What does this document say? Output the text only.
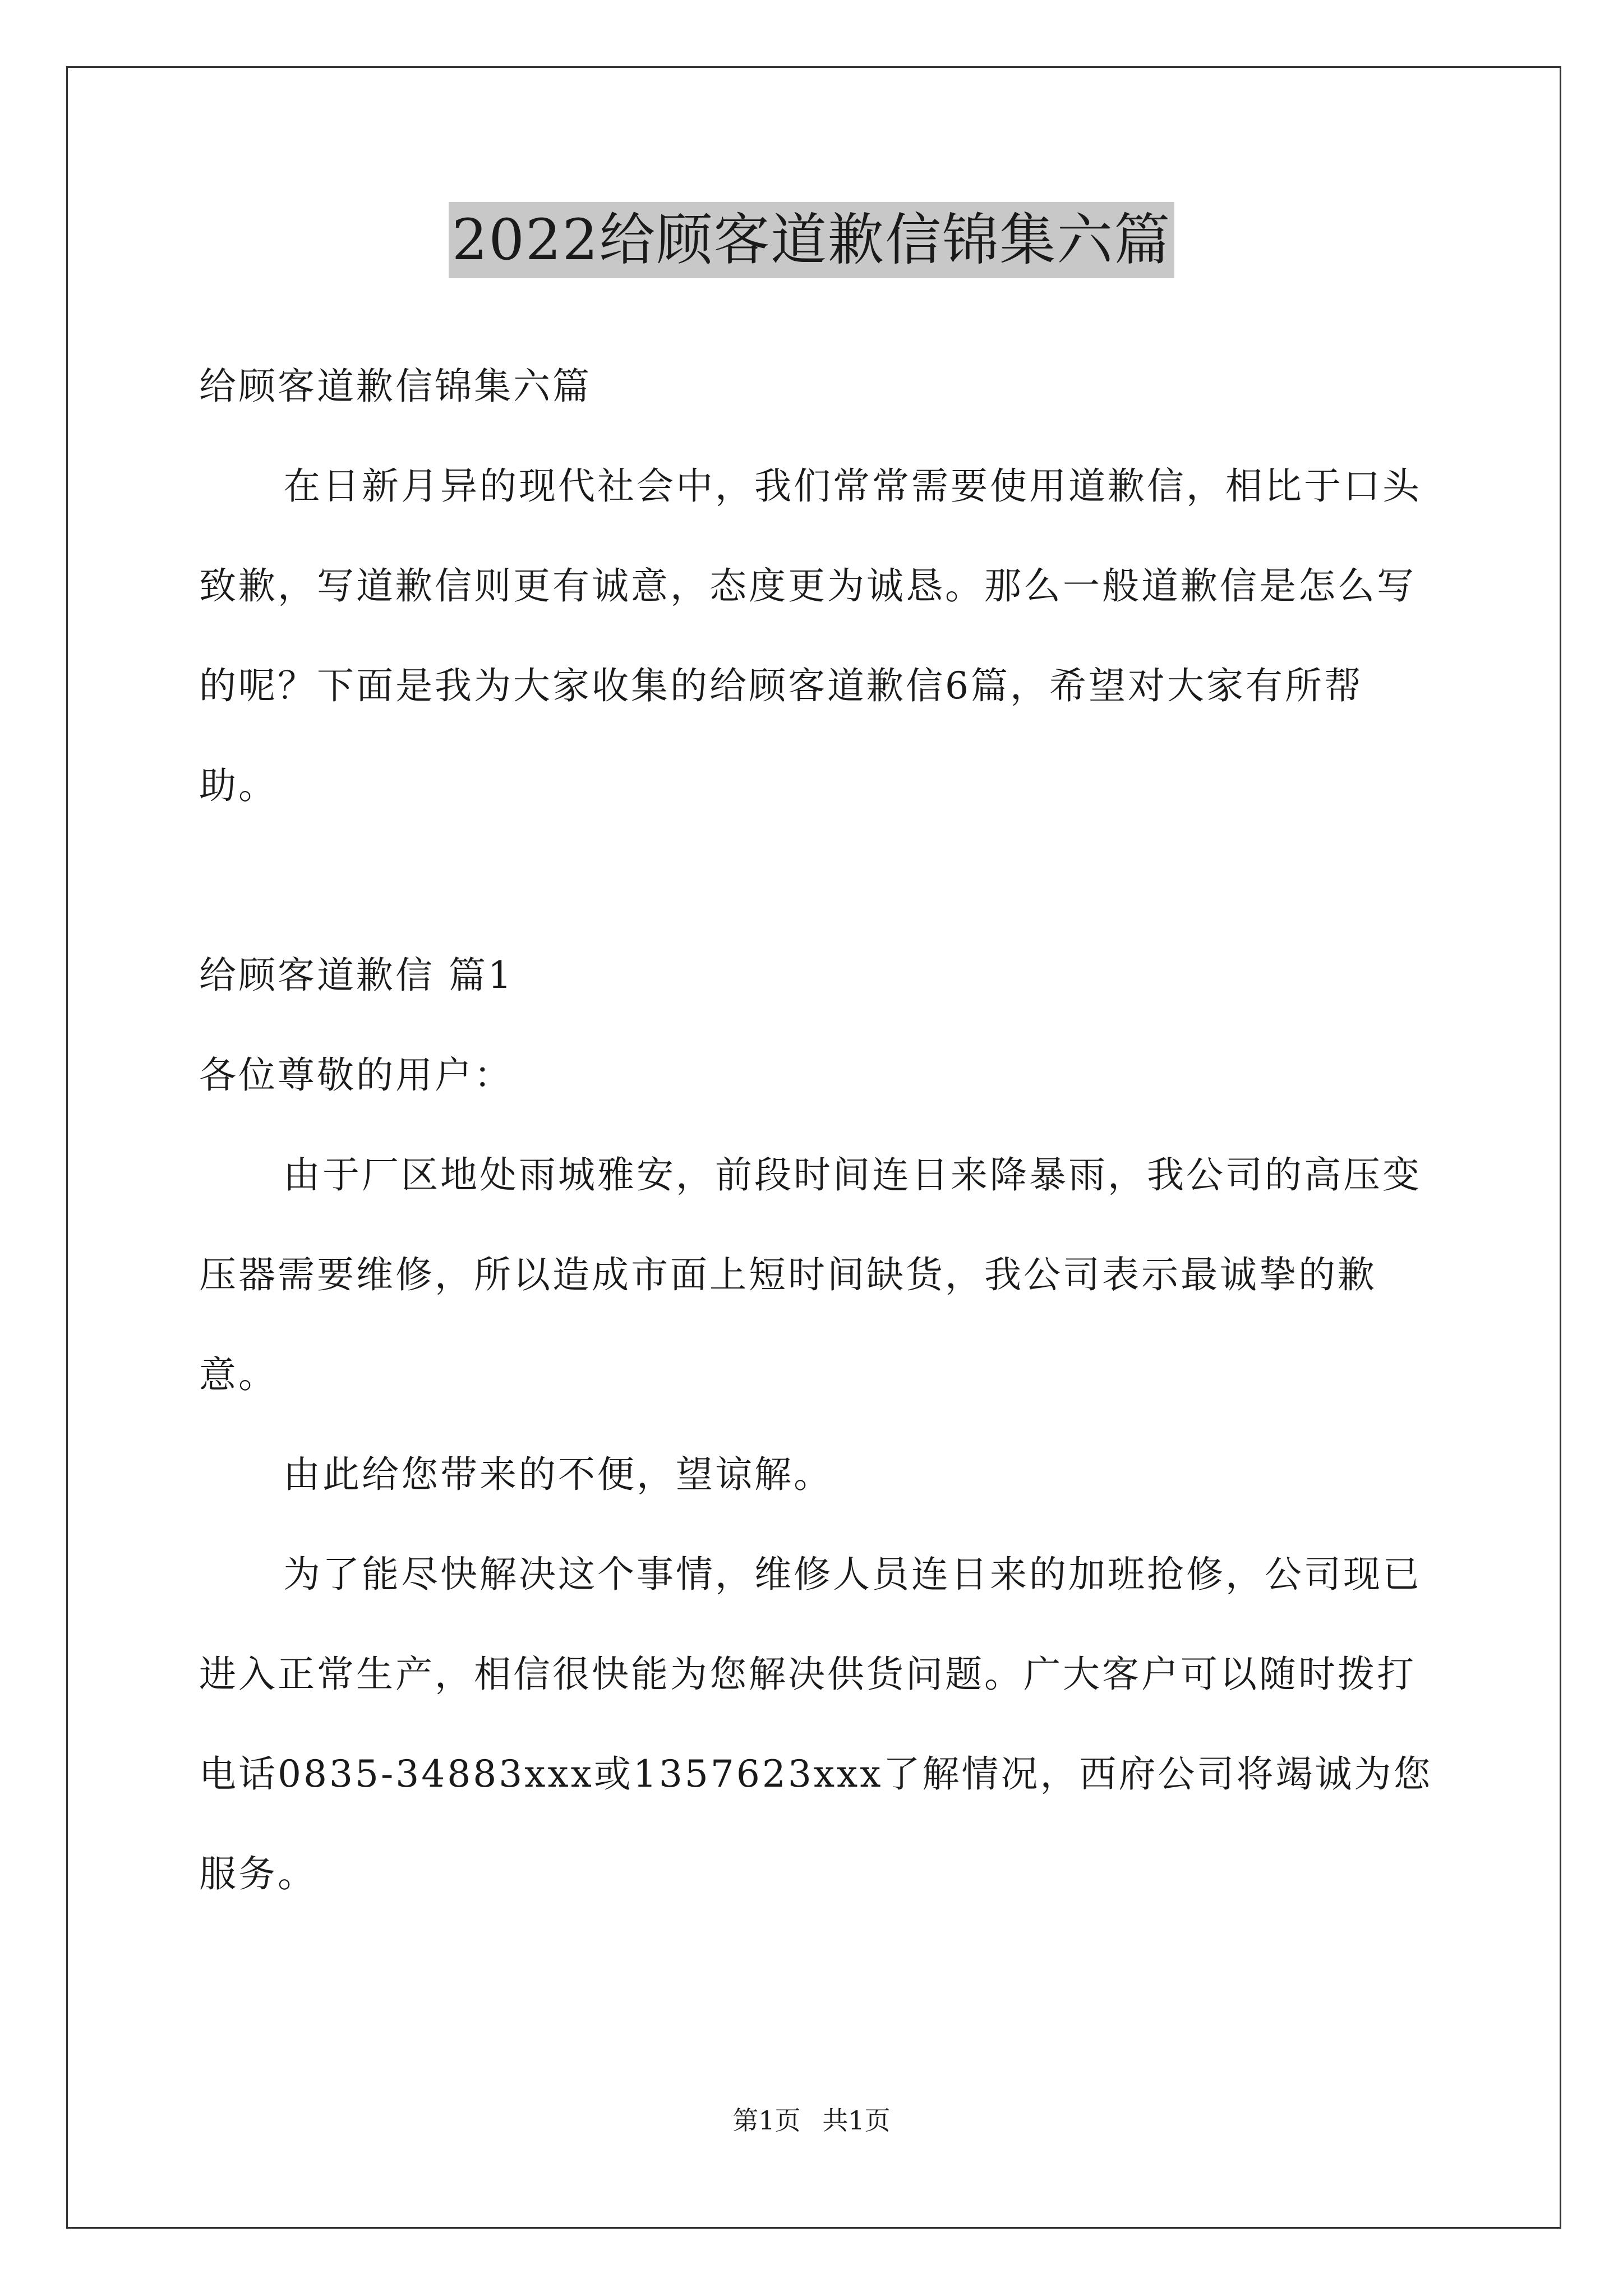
2022给顾客道歉信锦集六篇

给顾客道歉信锦集六篇

在日新月异的现代社会中，我们常常需要使用道歉信，相比于口头致歉，写道歉信则更有诚意，态度更为诚恳。那么一般道歉信是怎么写的呢？下面是我为大家收集的给顾客道歉信6篇，希望对大家有所帮助。

给顾客道歉信 篇1

各位尊敬的用户：

由于厂区地处雨城雅安，前段时间连日来降暴雨，我公司的高压变压器需要维修，所以造成市面上短时间缺货，我公司表示最诚挚的歉意。

由此给您带来的不便，望谅解。

为了能尽快解决这个事情，维修人员连日来的加班抢修，公司现已进入正常生产，相信很快能为您解决供货问题。广大客户可以随时拨打电话0835-34883xxx或1357623xxx了解情况，西府公司将竭诚为您服务。

第1页 共1页
